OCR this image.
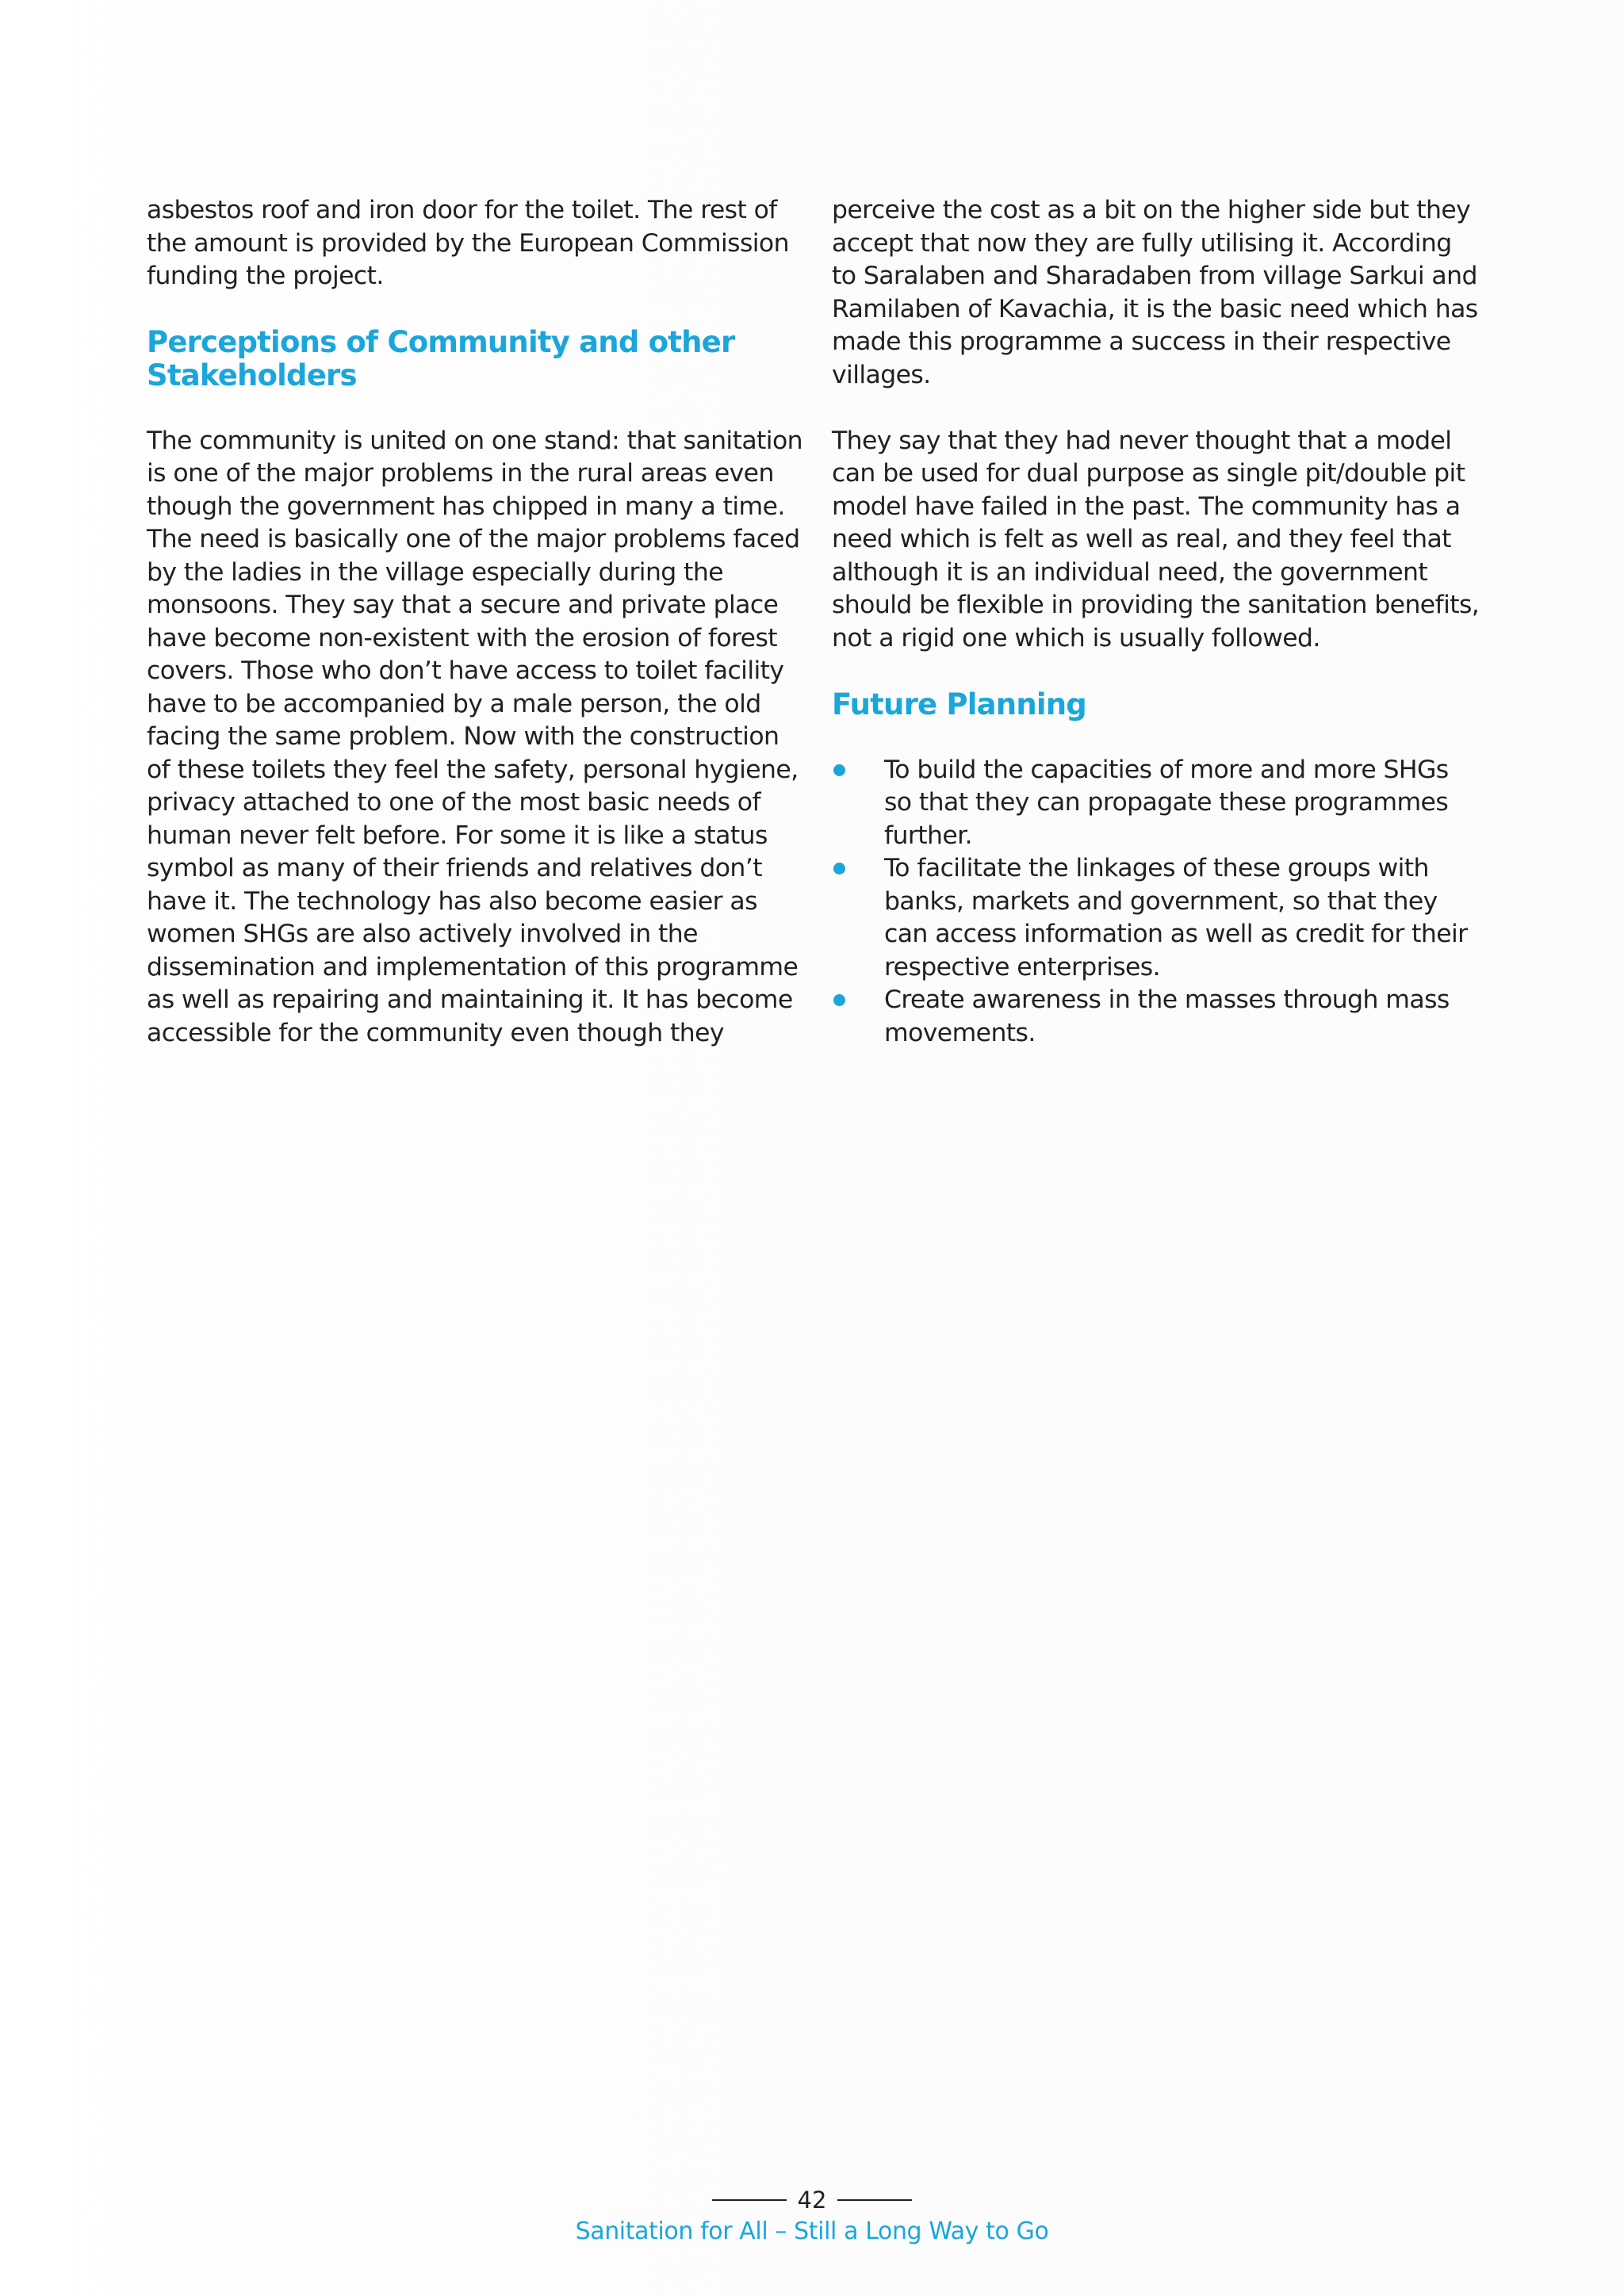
asbestos roof and iron door for the toilet. The rest of the amount is provided by the European Commission funding the project.

Perceptions of Community and other Stakeholders

The community is united on one stand: that sanitation is one of the major problems in the rural areas even though the government has chipped in many a time. The need is basically one of the major problems faced by the ladies in the village especially during the monsoons. They say that a secure and private place have become non-existent with the erosion of forest covers. Those who don’t have access to toilet facility have to be accompanied by a male person, the old facing the same problem. Now with the construction of these toilets they feel the safety, personal hygiene, privacy attached to one of the most basic needs of human never felt before. For some it is like a status symbol as many of their friends and relatives don’t have it. The technology has also become easier as women SHGs are also actively involved in the dissemination and implementation of this programme as well as repairing and maintaining it. It has become accessible for the community even though they

perceive the cost as a bit on the higher side but they accept that now they are fully utilising it. According to Saralaben and Sharadaben from village Sarkui and Ramilaben of Kavachia, it is the basic need which has made this programme a success in their respective villages.

They say that they had never thought that a model can be used for dual purpose as single pit/double pit model have failed in the past. The community has a need which is felt as well as real, and they feel that although it is an individual need, the government should be flexible in providing the sanitation benefits, not a rigid one which is usually followed.

Future Planning
To build the capacities of more and more SHGs so that they can propagate these programmes further.
To facilitate the linkages of these groups with banks, markets and government, so that they can access information as well as credit for their respective enterprises.
Create awareness in the masses through mass movements.
42
Sanitation for All – Still a Long Way to Go
